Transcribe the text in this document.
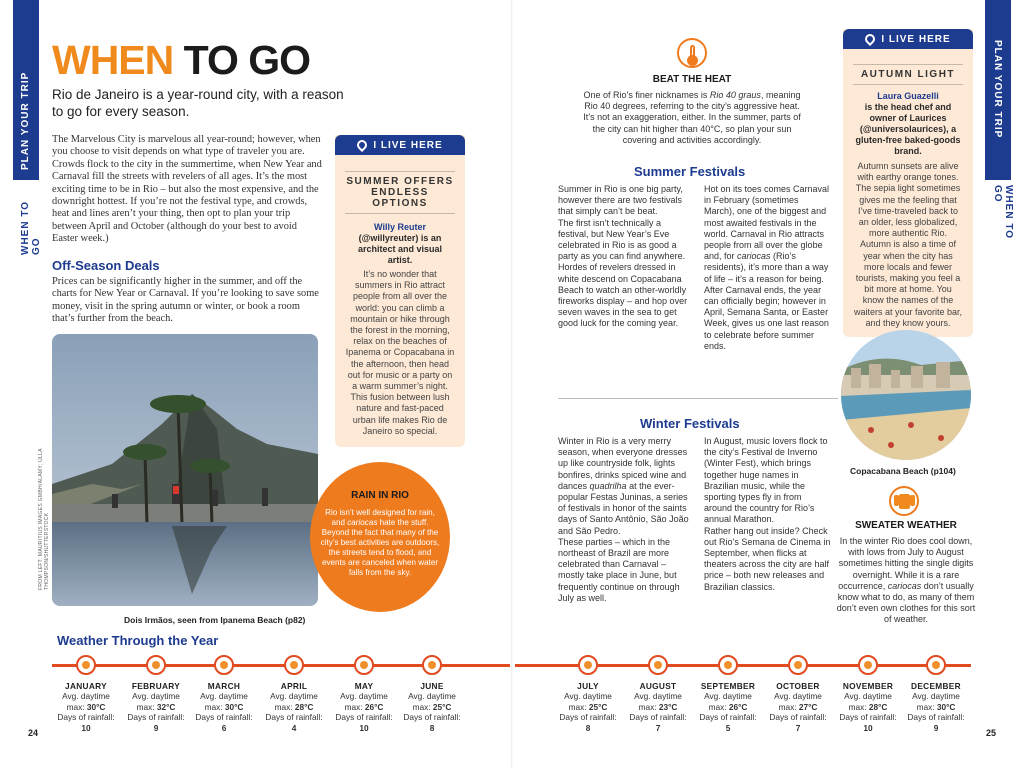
PLAN YOUR TRIP
WHEN TO GO
PLAN YOUR TRIP
WHEN TO GO
WHEN TO GO
Rio de Janeiro is a year-round city, with a reason to go for every season.
The Marvelous City is marvelous all year-round; however, when you choose to visit depends on what type of traveler you are. Crowds flock to the city in the summertime, when New Year and Carnaval fill the streets with revelers of all ages. It’s the most exciting time to be in Rio – but also the most expensive, and the downright hottest. If you’re not the festival type, and crowds, heat and lines aren’t your thing, then opt to plan your trip between April and October (although do your best to avoid Easter week.)
Off-Season Deals
Prices can be significantly higher in the summer, and off the charts for New Year or Carnaval. If you’re looking to save some money, visit in the spring autumn or winter, or book a room that’s further from the beach.
Dois Irmãos, seen from Ipanema Beach (p82)
FROM LEFT: MAURITIUS IMAGES GMBH/ALAMY; ULLA THOMPSON/SHUTTERSTOCK
I LIVE HERE
SUMMER OFFERS ENDLESS OPTIONS
Willy Reuter
(@willyreuter) is an architect and visual artist.
It’s no wonder that summers in Rio attract people from all over the world: you can climb a mountain or hike through the forest in the morning, relax on the beaches of Ipanema or Copacabana in the afternoon, then head out for music or a party on a warm summer’s night. This fusion between lush nature and fast-paced urban life makes Rio de Janeiro so special.
RAIN IN RIO
Rio isn’t well designed for rain, and cariocas hate the stuff. Beyond the fact that many of the city’s best activities are outdoors, the streets tend to flood, and events are canceled when water falls from the sky.
24
BEAT THE HEAT
One of Rio’s finer nicknames is Rio 40 graus, meaning Rio 40 degrees, referring to the city’s aggressive heat. It’s not an exaggeration, either. In the summer, parts of the city can hit higher than 40°C, so plan your sun covering and activities accordingly.
Summer Festivals
Summer in Rio is one big party, however there are two festivals that simply can’t be beat.
The first isn’t technically a festival, but New Year’s Eve celebrated in Rio is as good a party as you can find anywhere. Hordes of revelers dressed in white descend on Copacabana Beach to watch an other-worldly fireworks display – and hop over seven waves in the sea to get good luck for the coming year.
Hot on its toes comes Carnaval in February (sometimes March), one of the biggest and most awaited festivals in the world. Carnaval in Rio attracts people from all over the globe and, for cariocas (Rio’s residents), it’s more than a way of life – it’s a reason for being.
After Carnaval ends, the year can officially begin; however in April, Semana Santa, or Easter Week, gives us one last reason to celebrate before summer ends.
Winter Festivals
Winter in Rio is a very merry season, when everyone dresses up like countryside folk, lights bonfires, drinks spiced wine and dances quadrilha at the ever-popular Festas Juninas, a series of festivals in honor of the saints days of Santo Antônio, São João and São Pedro.
These parties – which in the northeast of Brazil are more celebrated than Carnaval – mostly take place in June, but frequently continue on through July as well.
In August, music lovers flock to the city’s Festival de Inverno (Winter Fest), which brings together huge names in Brazilian music, while the sporting types fly in from around the country for Rio’s annual Marathon.
Rather hang out inside? Check out Rio’s Semana de Cinema in September, when flicks at theaters across the city are half price – both new releases and Brazilian classics.
I LIVE HERE
AUTUMN LIGHT
Laura Guazelli
is the head chef and owner of Laurices (@universolaurices), a gluten-free baked-goods brand.
Autumn sunsets are alive with earthy orange tones. The sepia light sometimes gives me the feeling that I’ve time-traveled back to an older, less globalized, more authentic Rio. Autumn is also a time of year when the city has more locals and fewer tourists, making you feel a bit more at home. You know the names of the waiters at your favorite bar, and they know yours.
Copacabana Beach (p104)
SWEATER WEATHER
In the winter Rio does cool down, with lows from July to August sometimes hitting the single digits overnight. While it is a rare occurrence, cariocas don’t usually know what to do, as many of them don’t even own clothes for this sort of weather.
Weather Through the Year
JANUARY
Avg. daytime
max: 30°C
Days of rainfall:
10
FEBRUARY
Avg. daytime
max: 32°C
Days of rainfall:
9
MARCH
Avg. daytime
max: 30°C
Days of rainfall:
6
APRIL
Avg. daytime
max: 28°C
Days of rainfall:
4
MAY
Avg. daytime
max: 26°C
Days of rainfall:
10
JUNE
Avg. daytime
max: 25°C
Days of rainfall:
8
JULY
Avg. daytime
max: 25°C
Days of rainfall:
8
AUGUST
Avg. daytime
max: 23°C
Days of rainfall:
7
SEPTEMBER
Avg. daytime
max: 26°C
Days of rainfall:
5
OCTOBER
Avg. daytime
max: 27°C
Days of rainfall:
7
NOVEMBER
Avg. daytime
max: 28°C
Days of rainfall:
10
DECEMBER
Avg. daytime
max: 30°C
Days of rainfall:
9
25
